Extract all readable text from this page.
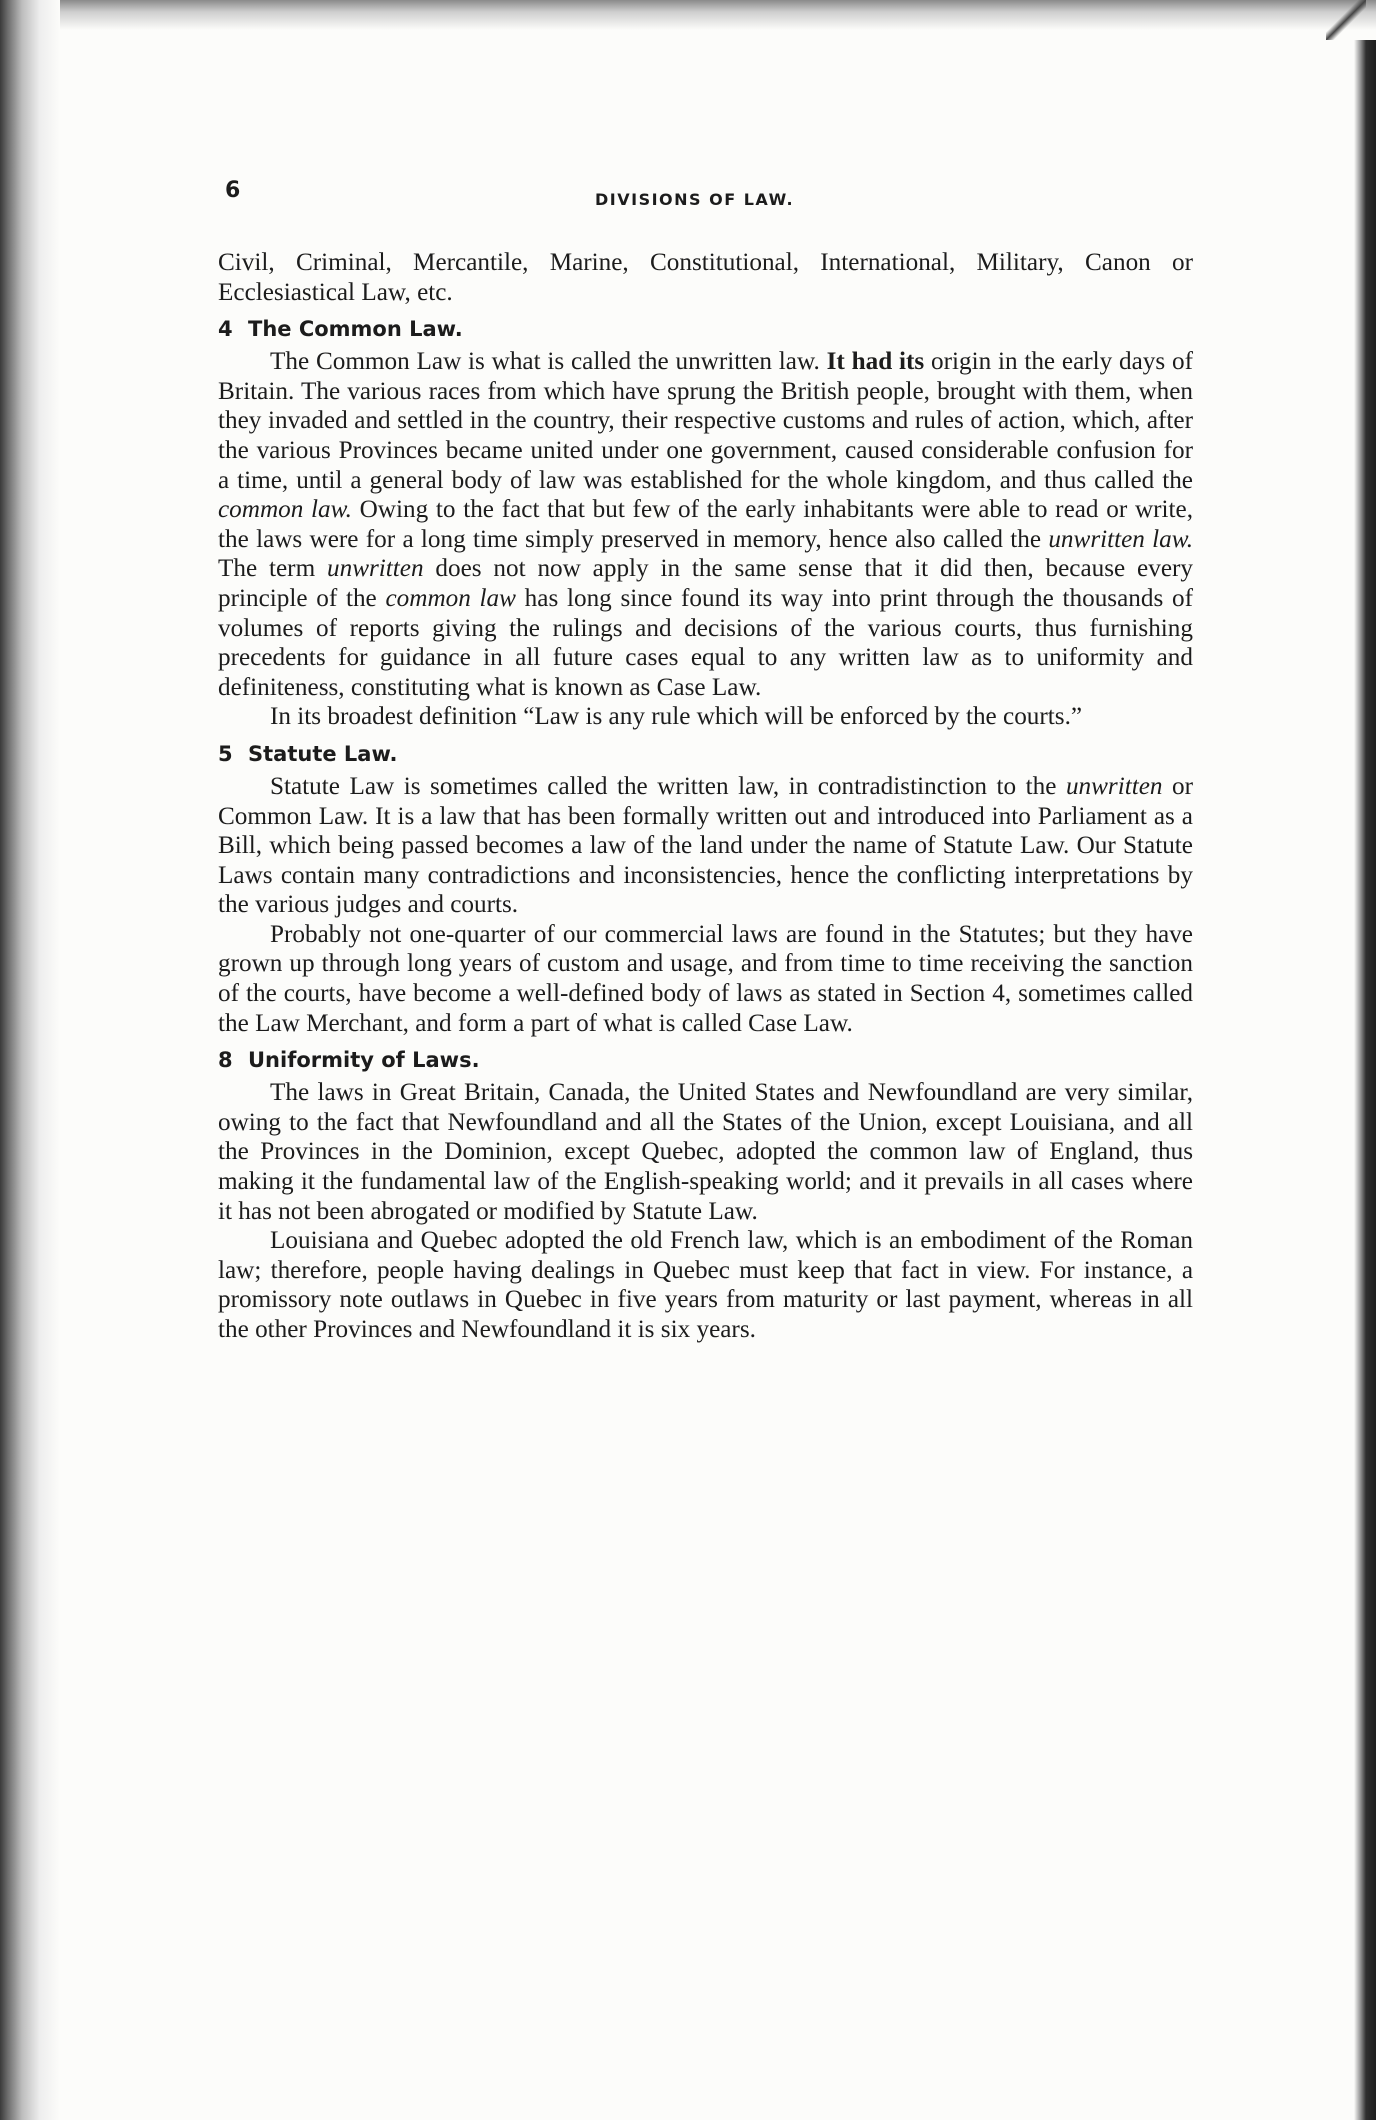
6	DIVISIONS OF LAW.

Civil, Criminal, Mercantile, Marine, Constitutional, International, Military, Canon or Ecclesiastical Law, etc.

4 The Common Law.

The Common Law is what is called the unwritten law. It had its origin in the early days of Britain. The various races from which have sprung the British people, brought with them, when they invaded and settled in the country, their respective customs and rules of action, which, after the various Provinces became united under one government, caused considerable confusion for a time, until a general body of law was established for the whole kingdom, and thus called the common law. Owing to the fact that but few of the early inhabitants were able to read or write, the laws were for a long time simply preserved in memory, hence also called the unwritten law. The term unwritten does not now apply in the same sense that it did then, because every principle of the common law has long since found its way into print through the thousands of volumes of reports giving the rulings and decisions of the various courts, thus furnishing precedents for guidance in all future cases equal to any written law as to uniformity and definiteness, constituting what is known as Case Law.

In its broadest definition “Law is any rule which will be enforced by the courts.”

5 Statute Law.

Statute Law is sometimes called the written law, in contradistinction to the unwritten or Common Law. It is a law that has been formally written out and introduced into Parliament as a Bill, which being passed becomes a law of the land under the name of Statute Law. Our Statute Laws contain many contradictions and inconsistencies, hence the conflicting interpretations by the various judges and courts.

Probably not one-quarter of our commercial laws are found in the Statutes; but they have grown up through long years of custom and usage, and from time to time receiving the sanction of the courts, have become a well-defined body of laws as stated in Section 4, sometimes called the Law Merchant, and form a part of what is called Case Law.

8 Uniformity of Laws.

The laws in Great Britain, Canada, the United States and Newfoundland are very similar, owing to the fact that Newfoundland and all the States of the Union, except Louisiana, and all the Provinces in the Dominion, except Quebec, adopted the common law of England, thus making it the fundamental law of the English-speaking world; and it prevails in all cases where it has not been abrogated or modified by Statute Law.

Louisiana and Quebec adopted the old French law, which is an embodiment of the Roman law; therefore, people having dealings in Quebec must keep that fact in view. For instance, a promissory note outlaws in Quebec in five years from maturity or last payment, whereas in all the other Provinces and Newfoundland it is six years.
